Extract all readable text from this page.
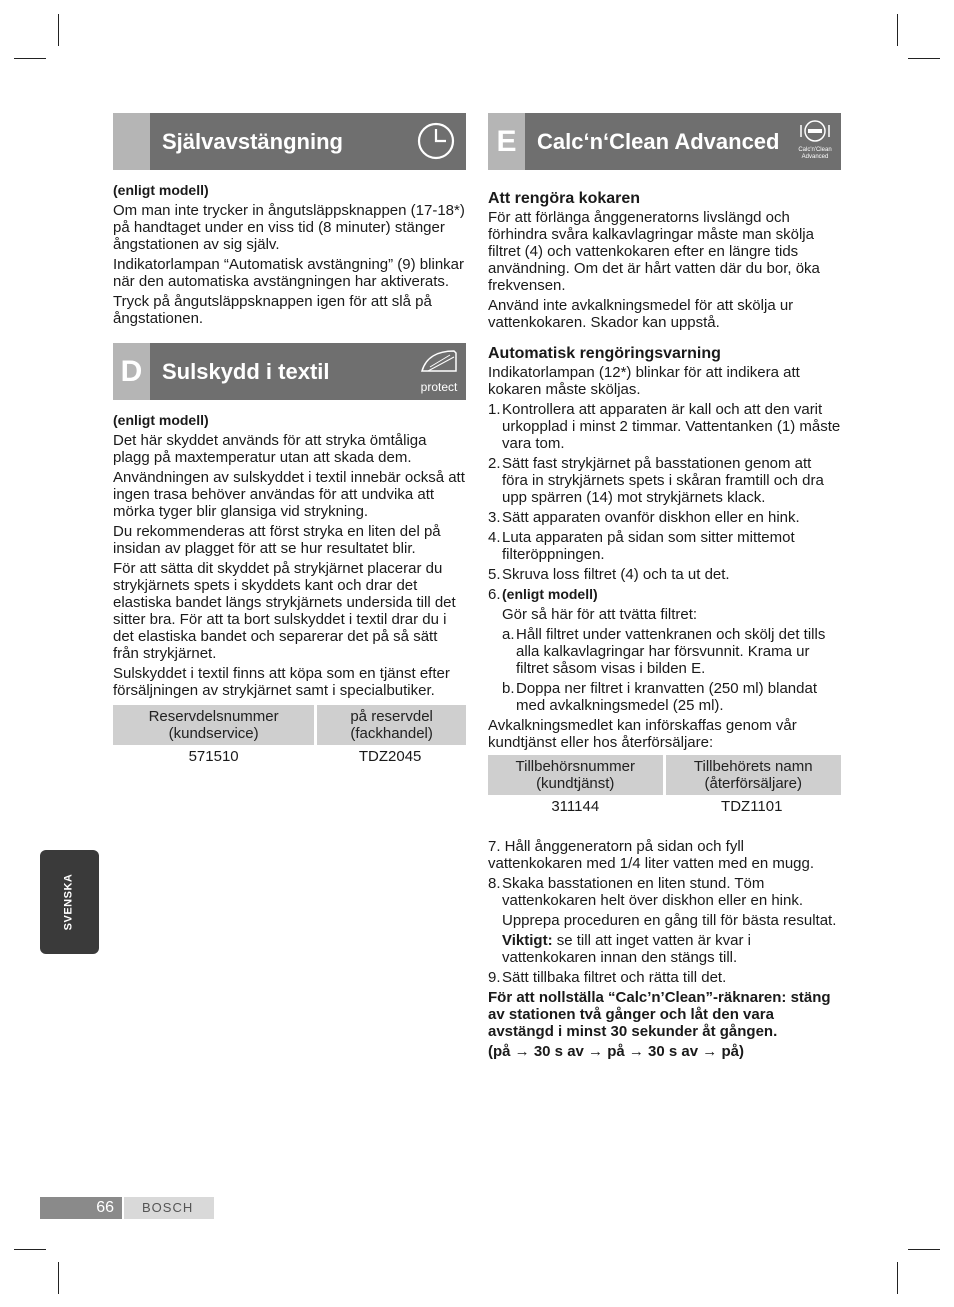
Självavstängning
(enligt modell)
Om man inte trycker in ångutsläppsknappen (17-18*) på handtaget under en viss tid (8 minuter) stänger ångstationen av sig själv.
Indikatorlampan “Automatisk avstängning” (9) blinkar när den automatiska avstängningen har aktiverats.
Tryck på ångutsläppsknappen igen för att slå på ångstationen.
D Sulskydd i textil
protect
(enligt modell)
Det här skyddet används för att stryka ömtåliga plagg på maxtemperatur utan att skada dem.
Användningen av sulskyddet i textil innebär också att ingen trasa behöver användas för att undvika att mörka tyger blir glansiga vid strykning.
Du rekommenderas att först stryka en liten del på insidan av plagget för att se hur resultatet blir.
För att sätta dit skyddet på strykjärnet placerar du strykjärnets spets i skyddets kant och drar det elastiska bandet längs strykjärnets undersida till det sitter bra. För att ta bort sulskyddet i textil drar du i det elastiska bandet och separerar det på så sätt från strykjärnet.
Sulskyddet i textil finns att köpa som en tjänst efter försäljningen av strykjärnet samt i specialbutiker.
Reservdelsnummer (kundservice)	på reservdel (fackhandel)
571510	TDZ2045
E Calc‘n‘Clean Advanced	Calc'n'Clean
Advanced
Att rengöra kokaren
För att förlänga ånggeneratorns livslängd och förhindra svåra kalkavlagringar måste man skölja filtret (4) och vattenkokaren efter en längre tids användning. Om det är hårt vatten där du bor, öka frekvensen.
Använd inte avkalkningsmedel för att skölja ur vattenkokaren. Skador kan uppstå.
Automatisk rengöringsvarning
Indikatorlampan (12*) blinkar för att indikera att kokaren måste sköljas.
1. Kontrollera att apparaten är kall och att den varit urkopplad i minst 2 timmar. Vattentanken (1) måste vara tom.
2. Sätt fast strykjärnet på basstationen genom att föra in strykjärnets spets i skåran framtill och dra upp spärren (14) mot strykjärnets klack.
3. Sätt apparaten ovanför diskhon eller en hink.
4. Luta apparaten på sidan som sitter mittemot filteröppningen.
5. Skruva loss filtret (4) och ta ut det.
6. (enligt modell)
Gör så här för att tvätta filtret:
a. Håll filtret under vattenkranen och skölj det tills alla kalkavlagringar har försvunnit. Krama ur filtret såsom visas i bilden E.
b. Doppa ner filtret i kranvatten (250 ml) blandat med avkalkningsmedel (25 ml).
Avkalkningsmedlet kan införskaffas genom vår kundtjänst eller hos återförsäljare:
Tillbehörsnummer (kundtjänst)	Tillbehörets namn (återförsäljare)
311144	TDZ1101
7. Håll ånggeneratorn på sidan och fyll vattenkokaren med 1/4 liter vatten med en mugg.
8. Skaka basstationen en liten stund. Töm vattenkokaren helt över diskhon eller en hink.
Upprepa proceduren en gång till för bästa resultat.
Viktigt: se till att inget vatten är kvar i vattenkokaren innan den stängs till.
9. Sätt tillbaka filtret och rätta till det.
För att nollställa “Calc’n’Clean”-räknaren: stäng av stationen två gånger och låt den vara avstängd i minst 30 sekunder åt gången.
(på → 30 s av → på → 30 s av → på)
SVENSKA
66	BOSCH
